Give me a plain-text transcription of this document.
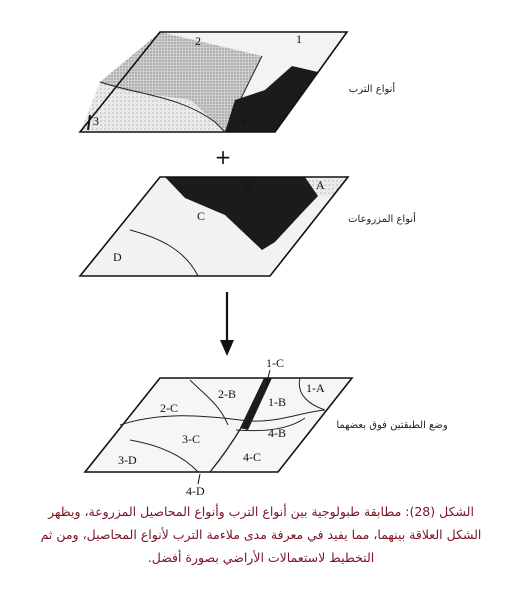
2	1
3	4
أنواع الترب
+
B	A
C
D
أنواع المزروعات
1-C
1-A
2-B
1-B
2-C
4-B
3-C
4-C
3-D
4-D
وضع الطبقتين فوق بعضهما
الشكل (28): مطابقة طبولوجية بين أنواع الترب وأنواع المحاصيل المزروعة، ويظهر
الشكل العلاقة بينهما، مما يفيد في معرفة مدى ملاءمة الترب لأنواع المحاصيل، ومن ثم
التخطيط لاستعمالات الأراضي بصورة أفضل.
